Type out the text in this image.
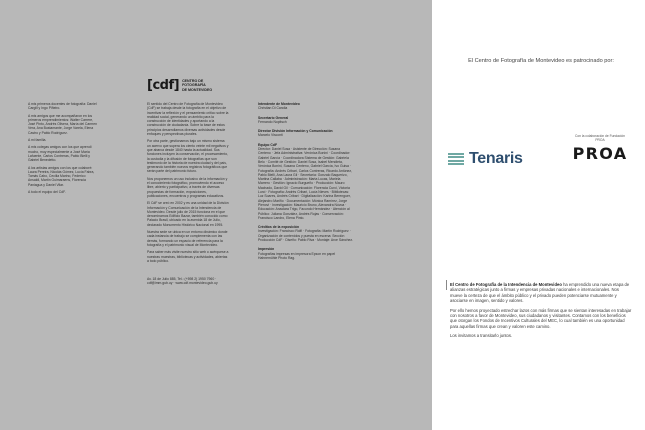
A mis primeros docentes de fotografía: Daniel Cargill y Ingo Piñeiro.

A mis amigos que me acompañaron en los primeros emprendimientos: Walter Carrere, José Pinto, Andrés Olivera, María del Carmen Vera, Ana Bustamante, Jorge Varela, Elena Castro y Pablo Rodríguez.

A mi familia.

A mis colegas amigos con los que aprendí mucho, muy especialmente a José María Lafuente, Carlos Contreras, Pablo Bielli y Gabriel Benedetto.

A los artistas amigos con los que colaboré: Laura Pereira, Nicolás Gómez, Lucía Fabra, Tomás Cabo, Cecilia Marino, Federico Ansaldi, Martín Guimaraens, Florencia Paniagua y Daniel Vilar.

A todo el equipo del CdF.

[cdf] CENTRO DE
FOTOGRAFÍA
DE MONTEVIDEO

El sentido del Centro de Fotografía de Montevideo (CdF) se trabaja desde la fotografía en el objetivo de incentivar la reflexión y el pensamiento crítico sobre la realidad social, generando un ámbito para la construcción de identidades y aportando a la construcción de ciudadanía. Sobre la base de estos principios desarrollamos diversas actividades desde enfoques y perspectivas plurales.

Por otra parte, gestionamos bajo un mismo sistema un acervo que supera los ciento veinte mil negativos y que abarca desde 1840 hasta la actualidad. Sus funciones incluyen la conservación, el procesamiento, la custodia y la difusión de fotografías que son testimonio de la historia de nuestra ciudad y del país, generando también nuevos registros fotográficos que serán parte del patrimonio futuro.

Nos proponemos un uso inclusivo de la información y el conocimiento fotográfico, promoviendo el acceso libre, abierto y participativo, a través de diversas propuestas de formación, exposiciones, publicaciones, encuentros y programas educativos.

El CdF se creó en 2002 y es una unidad de la División Información y Comunicación de la Intendencia de Montevideo. Desde julio de 2015 funciona en el que denominamos Edificio Bazar, también conocido como Palacio Brasil, ubicado en la avenida 18 de Julio, declarado Monumento Histórico Nacional en 1995.

Nuestra sede se ubica en un entorno dinámico donde cada instancia de trabajo se complementa con las demás, formando un espacio de referencia para la fotografía y el patrimonio visual de Montevideo.

Para saber más visite nuestro sitio web o acérquese a nuestras muestras, bibliotecas y actividades, abiertas a todo público.

Av. 18 de Julio 885, Tel.: (+598 2) 1950 7960 · cdf@imm.gub.uy · www.cdf.montevideo.gub.uy

Intendente de Montevideo
Christian Di Candia
Secretario General
Fernando Nopitsch
Director División Información y Comunicación
Marcelo Visconti
Equipo CdF
Director: Daniel Sosa · Asistente de Dirección: Susana Centeno · Jefa Administrativa: Verónica Bonini · Coordinador: Gabriel García · Coordinadora Sistema de Gestión: Gabriela Belo · Comité de Gestión: Daniel Sosa, Isabel Mendieta, Verónica Bonini, Susana Centeno, Gabriel García, Ivo Guisa · Fotografía: Andrés Cribari, Carlos Contreras, Ricardo Antúnez, Pablo Bielli, Ana Laura Gil · Secretaría: Gonzalo Baquerizo, Martina Callaba · Administración: Marta Lucas, Mariela Marrero · Gestión: Ignacio Burgueño · Producción: Mauro Machado, David Gil · Comunicación: Florencia Curci, Victoria Lurci · Fotografía: Andrés Cribari, Lucía Nieves · Bibliotecas: Luz Soares, Andrés Cribari · Digitalización: Karina Berenguer, Alejandro Mariño · Documentación: Mónica Ramírez, Jorge Pienovi · Investigación: Mauricio Bruno, Alexandra Nóvoa · Educación: Anaclara Trigo, Facundo Hernández · Atención al Público: Juliana González, Andrés Rojas · Conservación: Francisco Landro, Elena Pinto.
Créditos de la exposición
Investigación: Francisco Rolfi · Fotografía: Martín Rodríguez · Organización de contenidos y puesta en escena: Sección Producción CdF · Diseño: Pablo Riva · Montaje: Arce Sánchez.
Impresión
Fotografías impresas en impresora Epson en papel Hahnemühle Photo Rag.
El Centro de Fotografía de Montevideo es patrocinado por:
Tenaris
Con la colaboración de Fundación PROA
PROA

El Centro de Fotografía de la Intendencia de Montevideo ha emprendido una nueva etapa de alianzas estratégicas junto a firmas y empresas privadas nacionales e internacionales. Nos mueve la certeza de que el ámbito público y el privado pueden potenciarse mutuamente y asociarse en imagen, sentido y valores.

Por ello hemos proyectado estrechar lazos con más firmas que se sientan interesadas en trabajar con nosotros a favor de Montevideo, sus ciudadanos y visitantes. Contamos con los beneficios que otorgan los Fondos de Incentivos Culturales del MEC, lo cual también es una oportunidad para aquellas firmas que crean y valoren este camino.

Los invitamos a transitarlo juntos.
